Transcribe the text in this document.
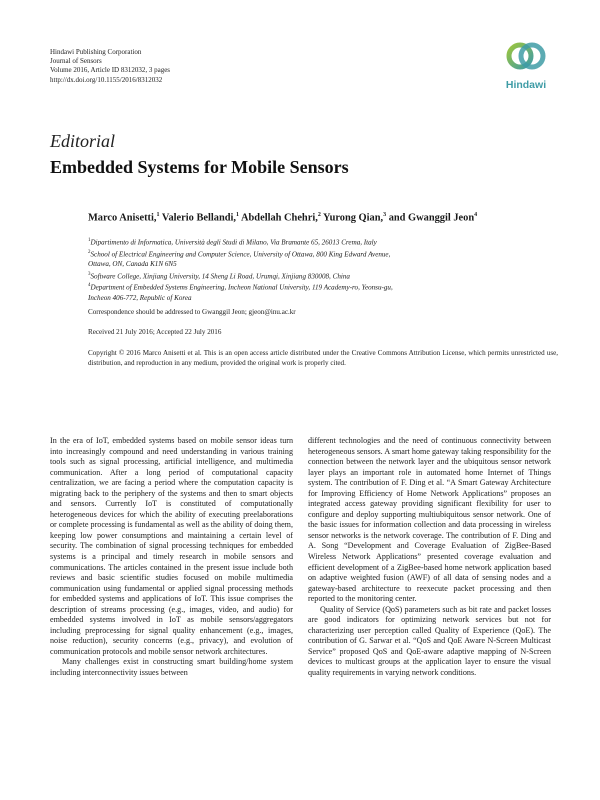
Hindawi Publishing Corporation
Journal of Sensors
Volume 2016, Article ID 8312032, 3 pages
http://dx.doi.org/10.1155/2016/8312032	Hindawi
Editorial
Embedded Systems for Mobile Sensors
Marco Anisetti,$^1$ Valerio Bellandi,$^1$ Abdellah Chehri,$^2$ Yurong Qian,$^3$ and Gwanggil Jeon$^4$
$^1$Dipartimento di Informatica, Università degli Studi di Milano, Via Bramante 65, 26013 Crema, Italy
$^2$School of Electrical Engineering and Computer Science, University of Ottawa, 800 King Edward Avenue,
Ottawa, ON, Canada K1N 6N5
$^3$Software College, Xinjiang University, 14 Sheng Li Road, Urumqi, Xinjiang 830008, China
$^4$Department of Embedded Systems Engineering, Incheon National University, 119 Academy-ro, Yeonsu-gu,
Incheon 406-772, Republic of Korea
Correspondence should be addressed to Gwanggil Jeon; gjeon@inu.ac.kr
Received 21 July 2016; Accepted 22 July 2016
Copyright © 2016 Marco Anisetti et al. This is an open access article distributed under the Creative Commons Attribution License, which permits unrestricted use, distribution, and reproduction in any medium, provided the original work is properly cited.

In the era of IoT, embedded systems based on mobile sensor ideas turn into increasingly compound and need understanding in various training tools such as signal processing, artificial intelligence, and multimedia communication. After a long period of computational capacity centralization, we are facing a period where the computation capacity is migrating back to the periphery of the systems and then to smart objects and sensors. Currently IoT is constituted of computationally heterogeneous devices for which the ability of executing preelaborations or complete processing is fundamental as well as the ability of doing them, keeping low power consumptions and maintaining a certain level of security. The combination of signal processing techniques for embedded systems is a principal and timely research in mobile sensors and communications. The articles contained in the present issue include both reviews and basic scientific studies focused on mobile multimedia communication using fundamental or applied signal processing methods for embedded systems and applications of IoT. This issue comprises the description of streams processing (e.g., images, video, and audio) for embedded systems involved in IoT as mobile sensors/aggregators including preprocessing for signal quality enhancement (e.g., images, noise reduction), security concerns (e.g., privacy), and evolution of communication protocols and mobile sensor network architectures.

Many challenges exist in constructing smart building/home system including interconnectivity issues between

different technologies and the need of continuous connectivity between heterogeneous sensors. A smart home gateway taking responsibility for the connection between the network layer and the ubiquitous sensor network layer plays an important role in automated home Internet of Things system. The contribution of F. Ding et al. “A Smart Gateway Architecture for Improving Efficiency of Home Network Applications” proposes an integrated access gateway providing significant flexibility for user to configure and deploy supporting multiubiquitous sensor network. One of the basic issues for information collection and data processing in wireless sensor networks is the network coverage. The contribution of F. Ding and A. Song “Development and Coverage Evaluation of ZigBee-Based Wireless Network Applications” presented coverage evaluation and efficient development of a ZigBee-based home network application based on adaptive weighted fusion (AWF) of all data of sensing nodes and a gateway-based architecture to reexecute packet processing and then reported to the monitoring center.

Quality of Service (QoS) parameters such as bit rate and packet losses are good indicators for optimizing network services but not for characterizing user perception called Quality of Experience (QoE). The contribution of G. Sarwar et al. “QoS and QoE Aware N-Screen Multicast Service” proposed QoS and QoE-aware adaptive mapping of N-Screen devices to multicast groups at the application layer to ensure the visual quality requirements in varying network conditions.
